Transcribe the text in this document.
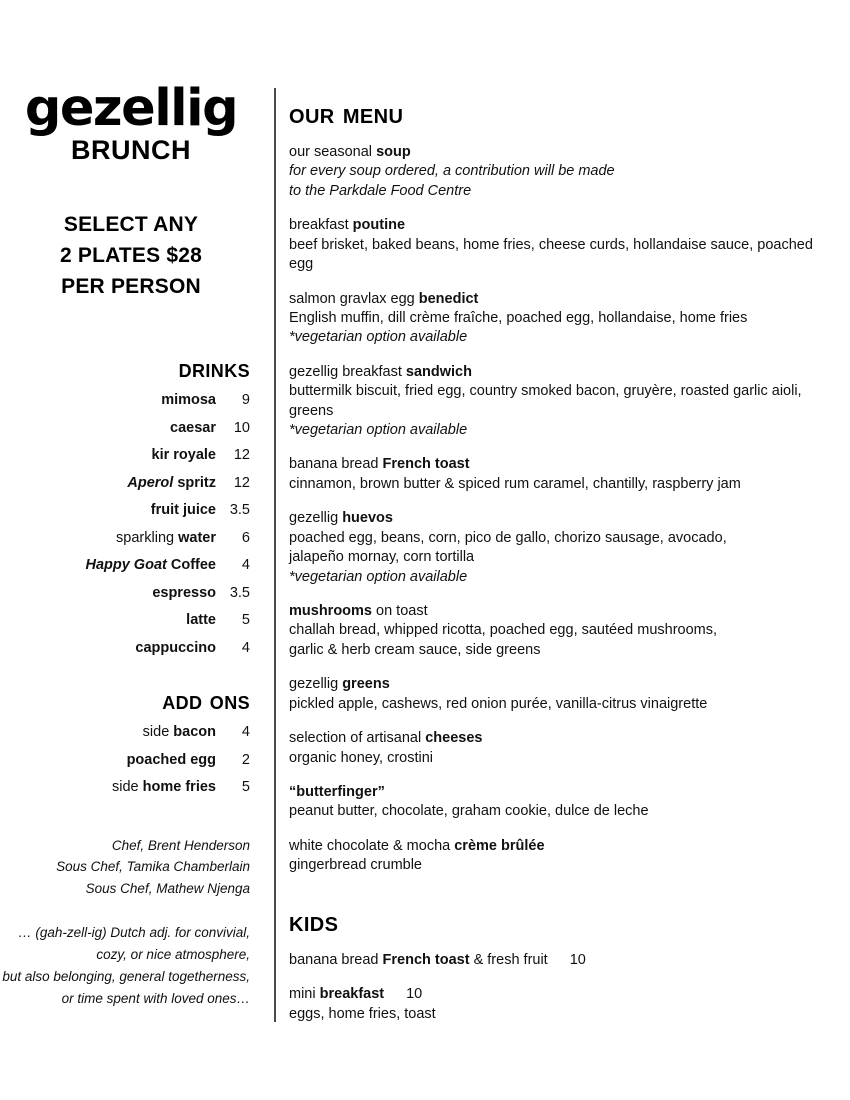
gezellig
BRUNCH
SELECT ANY
2 PLATES $28
PER PERSON
drinks
mimosa	9
caesar	10
kir royale	12
Aperol spritz	12
fruit juice 3.5
sparkling water	6
Happy Goat Coffee	4
espresso 3.5
latte	5
cappuccino	4
add ons
side bacon	4
poached egg	2
side home fries	5
Chef, Brent Henderson
Sous Chef, Tamika Chamberlain
Sous Chef, Mathew Njenga
… (gah-zell-ig) Dutch adj. for convivial,
cozy, or nice atmosphere,
but also belonging, general togetherness,
or time spent with loved ones…
our menu
our seasonal soup
for every soup ordered, a contribution will be made
to the Parkdale Food Centre
breakfast poutine
beef brisket, baked beans, home fries, cheese curds, hollandaise sauce, poached egg
salmon gravlax egg benedict
English muffin, dill crème fraîche, poached egg, hollandaise, home fries
*vegetarian option available
gezellig breakfast sandwich
buttermilk biscuit, fried egg, country smoked bacon, gruyère, roasted garlic aioli,
greens
*vegetarian option available
banana bread French toast
cinnamon, brown butter & spiced rum caramel, chantilly, raspberry jam
gezellig huevos
poached egg, beans, corn, pico de gallo, chorizo sausage, avocado,
jalapeño mornay, corn tortilla
*vegetarian option available
mushrooms on toast
challah bread, whipped ricotta, poached egg, sautéed mushrooms,
garlic & herb cream sauce, side greens
gezellig greens
pickled apple, cashews, red onion purée, vanilla-citrus vinaigrette
selection of artisanal cheeses
organic honey, crostini
“butterfinger”
peanut butter, chocolate, graham cookie, dulce de leche
white chocolate & mocha crème brûlée
gingerbread crumble
kids
banana bread French toast & fresh fruit 10
mini breakfast 10
eggs, home fries, toast
